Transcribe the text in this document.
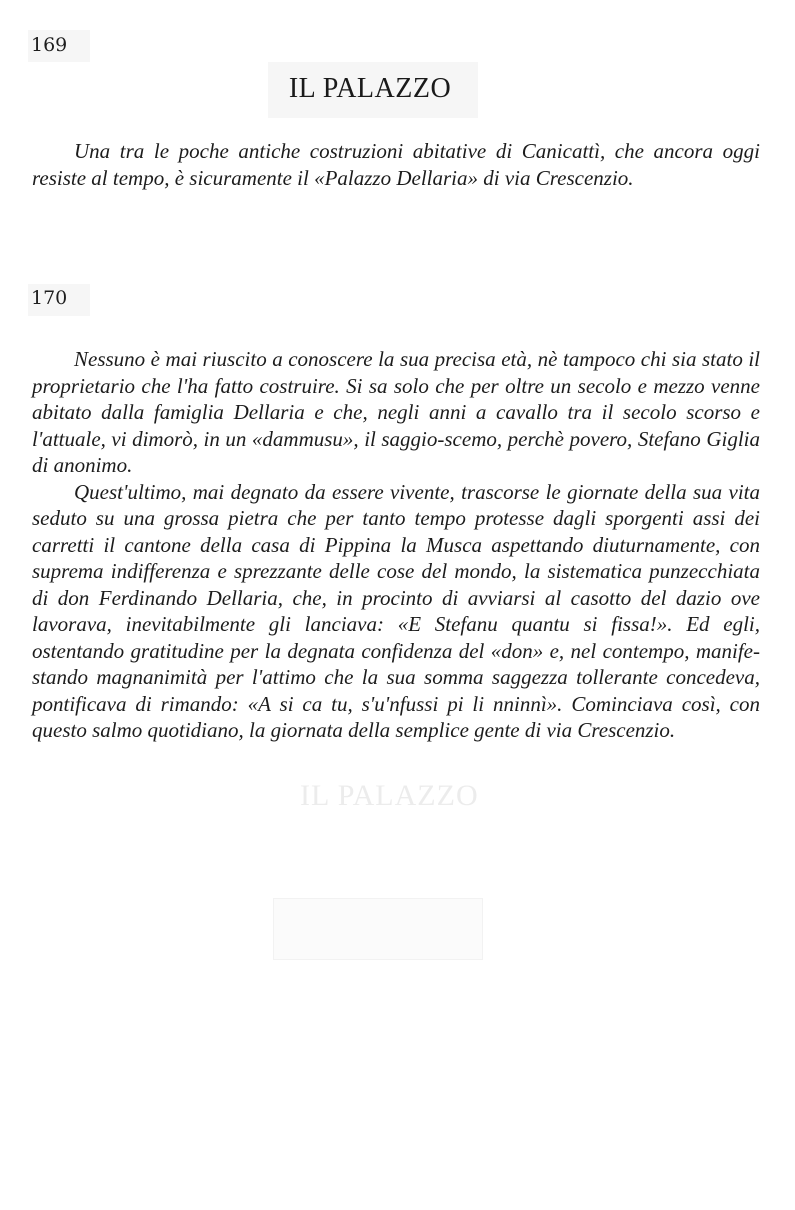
169
IL PALAZZO

Una tra le poche antiche costruzioni abitative di Canicattì, che ancora oggi resiste al tempo, è sicuramente il «Palazzo Dellaria» di via Crescenzio.

170

Nessuno è mai riuscito a conoscere la sua precisa età, nè tampoco chi sia stato il proprietario che l'ha fatto costruire. Si sa solo che per oltre un secolo e mezzo venne abitato dalla famiglia Dellaria e che, negli anni a cavallo tra il secolo scorso e l'attuale, vi dimorò, in un «dammusu», il saggio-scemo, perchè povero, Stefano Giglia di anonimo.

Quest'ultimo, mai degnato da essere vivente, trascorse le giornate della sua vita seduto su una grossa pietra che per tanto tempo protesse dagli sporgenti assi dei carretti il cantone della casa di Pippina la Musca aspettando diuturnamente, con suprema indifferenza e sprezzante delle cose del mondo, la sistematica punzecchiata di don Ferdinando Dellaria, che, in procinto di avviarsi al casotto del dazio ove lavorava, inevitabilmente gli lanciava: «E Stefanu quantu si fissa!». Ed egli, ostentando gratitudine per la degnata confidenza del «don» e, nel contempo, manifestando magnanimità per l'attimo che la sua somma saggezza tollerante concedeva, pontificava di rimando: «A si ca tu, s'u'nfussi pi li nninnì». Cominciava così, con questo salmo quotidiano, la giornata della semplice gente di via Crescenzio.

IL PALAZZO
